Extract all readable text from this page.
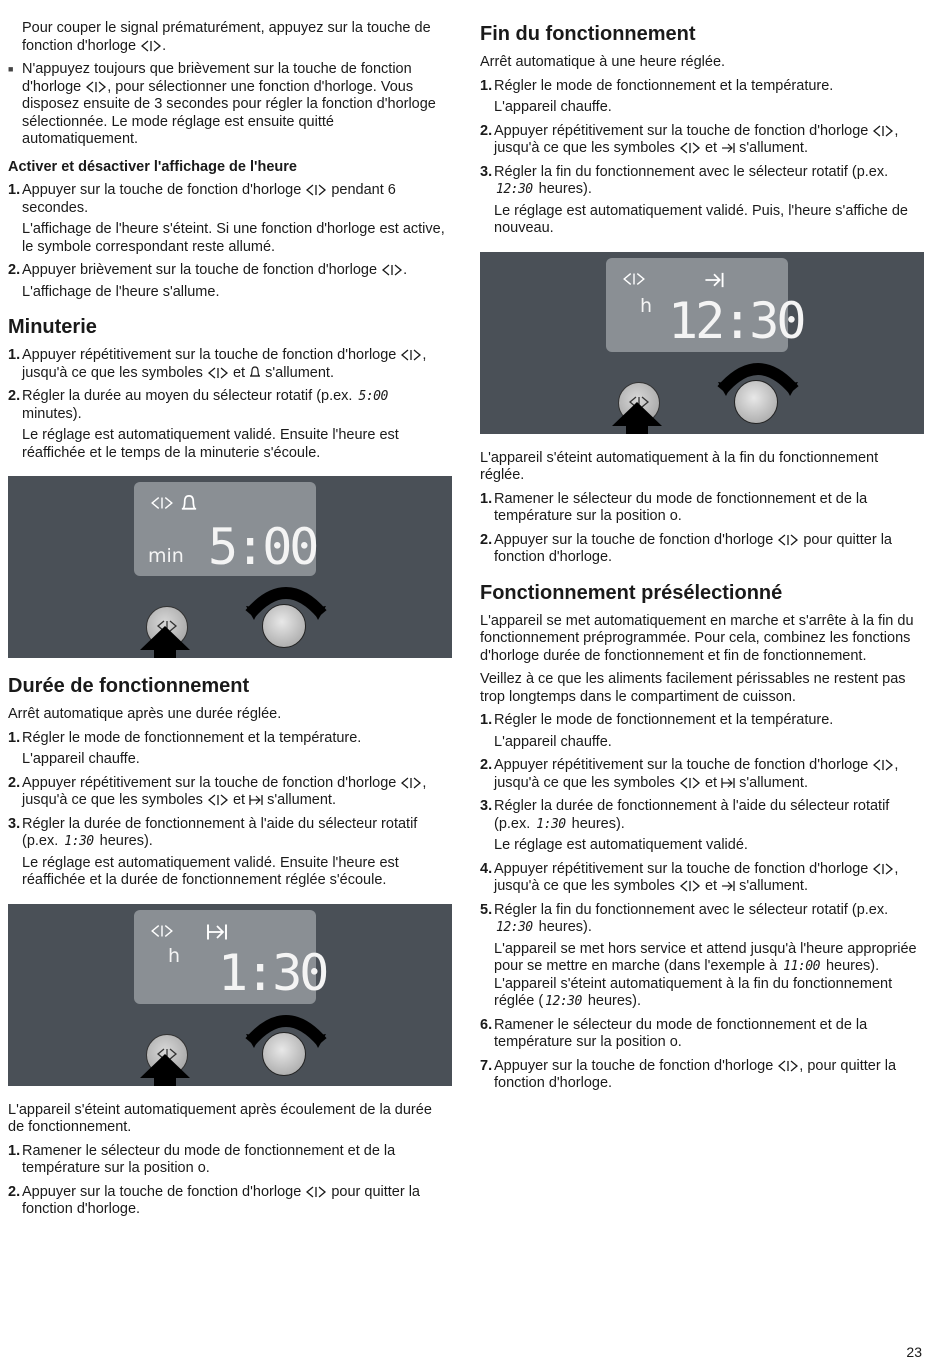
Pour couper le signal prématurément, appuyez sur la touche de fonction d'horloge .

■ N'appuyez toujours que brièvement sur la touche de fonction d'horloge , pour sélectionner une fonction d'horloge. Vous disposez ensuite de 3 secondes pour régler la fonction d'horloge sélectionnée. Le mode réglage est ensuite quitté automatiquement.
Activer et désactiver l'affichage de l'heure
1. Appuyer sur la touche de fonction d'horloge pendant 6 secondes.
L'affichage de l'heure s'éteint. Si une fonction d'horloge est active, le symbole correspondant reste allumé.
2. Appuyer brièvement sur la touche de fonction d'horloge .
L'affichage de l'heure s'allume.
Minuterie
1. Appuyer répétitivement sur la touche de fonction d'horloge , jusqu'à ce que les symboles et s'allument.
2. Régler la durée au moyen du sélecteur rotatif (p.ex. 5:00 minutes).
Le réglage est automatiquement validé. Ensuite l'heure est réaffichée et le temps de la minuterie s'écoule.
min 5:00
Durée de fonctionnement

Arrêt automatique après une durée réglée.

1. Régler le mode de fonctionnement et la température.
L'appareil chauffe.
2. Appuyer répétitivement sur la touche de fonction d'horloge , jusqu'à ce que les symboles et s'allument.
3. Régler la durée de fonctionnement à l'aide du sélecteur rotatif (p.ex. 1:30 heures).
Le réglage est automatiquement validé. Ensuite l'heure est réaffichée et la durée de fonctionnement réglée s'écoule.
h 1:30

L'appareil s'éteint automatiquement après écoulement de la durée de fonctionnement.

1. Ramener le sélecteur du mode de fonctionnement et de la température sur la position o.
2. Appuyer sur la touche de fonction d'horloge pour quitter la fonction d'horloge.
Fin du fonctionnement

Arrêt automatique à une heure réglée.

1. Régler le mode de fonctionnement et la température.
L'appareil chauffe.
2. Appuyer répétitivement sur la touche de fonction d'horloge , jusqu'à ce que les symboles et s'allument.
3. Régler la fin du fonctionnement avec le sélecteur rotatif (p.ex. 12:30 heures).
Le réglage est automatiquement validé. Puis, l'heure s'affiche de nouveau.
h 12:30

L'appareil s'éteint automatiquement à la fin du fonctionnement réglée.

1. Ramener le sélecteur du mode de fonctionnement et de la température sur la position o.
2. Appuyer sur la touche de fonction d'horloge pour quitter la fonction d'horloge.
Fonctionnement présélectionné

L'appareil se met automatiquement en marche et s'arrête à la fin du fonctionnement préprogrammée. Pour cela, combinez les fonctions d'horloge durée de fonctionnement et fin de fonctionnement.

Veillez à ce que les aliments facilement périssables ne restent pas trop longtemps dans le compartiment de cuisson.

1. Régler le mode de fonctionnement et la température.
L'appareil chauffe.
2. Appuyer répétitivement sur la touche de fonction d'horloge , jusqu'à ce que les symboles et s'allument.
3. Régler la durée de fonctionnement à l'aide du sélecteur rotatif (p.ex. 1:30 heures).
Le réglage est automatiquement validé.
4. Appuyer répétitivement sur la touche de fonction d'horloge , jusqu'à ce que les symboles et s'allument.
5. Régler la fin du fonctionnement avec le sélecteur rotatif (p.ex. 12:30 heures).
L'appareil se met hors service et attend jusqu'à l'heure appropriée pour se mettre en marche (dans l'exemple à 11:00 heures). L'appareil s'éteint automatiquement à la fin du fonctionnement réglée ( 12:30 heures).
6. Ramener le sélecteur du mode de fonctionnement et de la température sur la position o.
7. Appuyer sur la touche de fonction d'horloge , pour quitter la fonction d'horloge.
23
